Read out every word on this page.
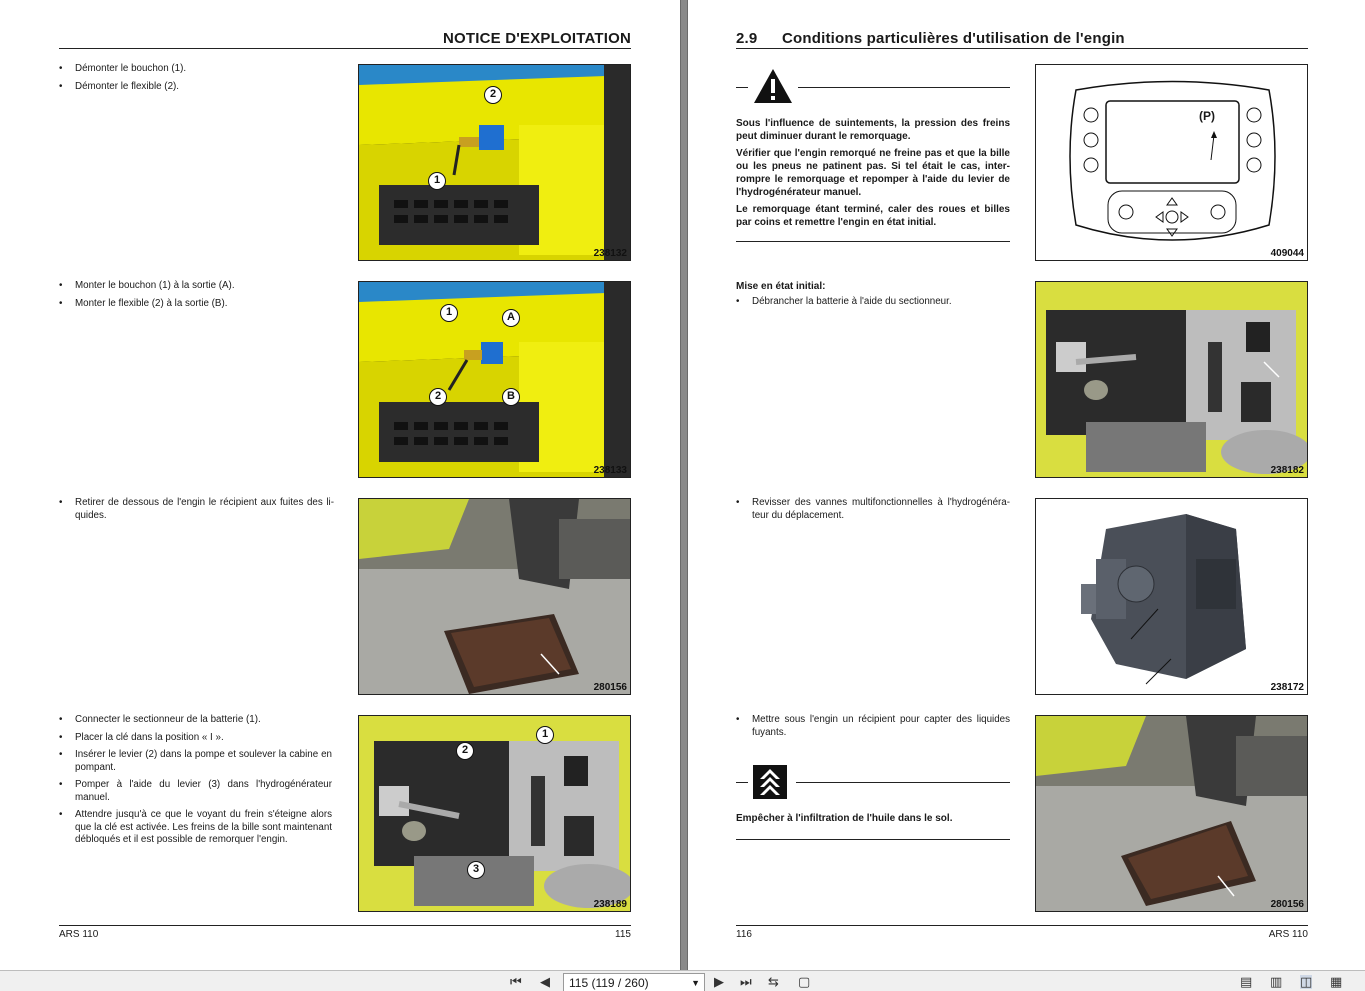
NOTICE D'EXPLOITATION
• Démonter le bouchon (1).
• Démonter le flexible (2).
2
1
238132
• Monter le bouchon (1) à la sortie (A).
• Monter le flexible (2) à la sortie (B).
1	A
2	B
238133
• Retirer de dessous de l'engin le récipient aux fuites des li-quides.
280156
• Connecter le sectionneur de la batterie (1).
• Placer la clé dans la position « I ».
• Insérer le levier (2) dans la pompe et soulever la cabine en pompant.
• Pomper à l'aide du levier (3) dans l'hydrogénérateur manuel.
• Attendre jusqu'à ce que le voyant du frein s'éteigne alors que la clé est activée. Les freins de la bille sont maintenant débloqués et il est possible de remorquer l'engin.
1
2
3
238189
ARS 110	115
2.9 Conditions particulières d'utilisation de l'engin

Sous l'influence de suintements, la pression des freins peut diminuer durant le remorquage.

Vérifier que l'engin remorqué ne freine pas et que la bille ou les pneus ne patinent pas. Si tel était le cas, inter-rompre le remorquage et repomper à l'aide du levier de l'hydrogénérateur manuel.

Le remorquage étant terminé, caler des roues et billes par coins et remettre l'engin en état initial.

(P)
409044
Mise en état initial:
• Débrancher la batterie à l'aide du sectionneur.
238182
• Revisser des vannes multifonctionnelles à l'hydrogénéra-teur du déplacement.
238172
• Mettre sous l'engin un récipient pour capter des liquides fuyants.
Empêcher à l'infiltration de l'huile dans le sol.
280156
116	ARS 110
⏮ ◀	115 (119 / 260)	▼ ▶ ⏭ ⇆ ▢	▤ ▥ ◫ ▦
